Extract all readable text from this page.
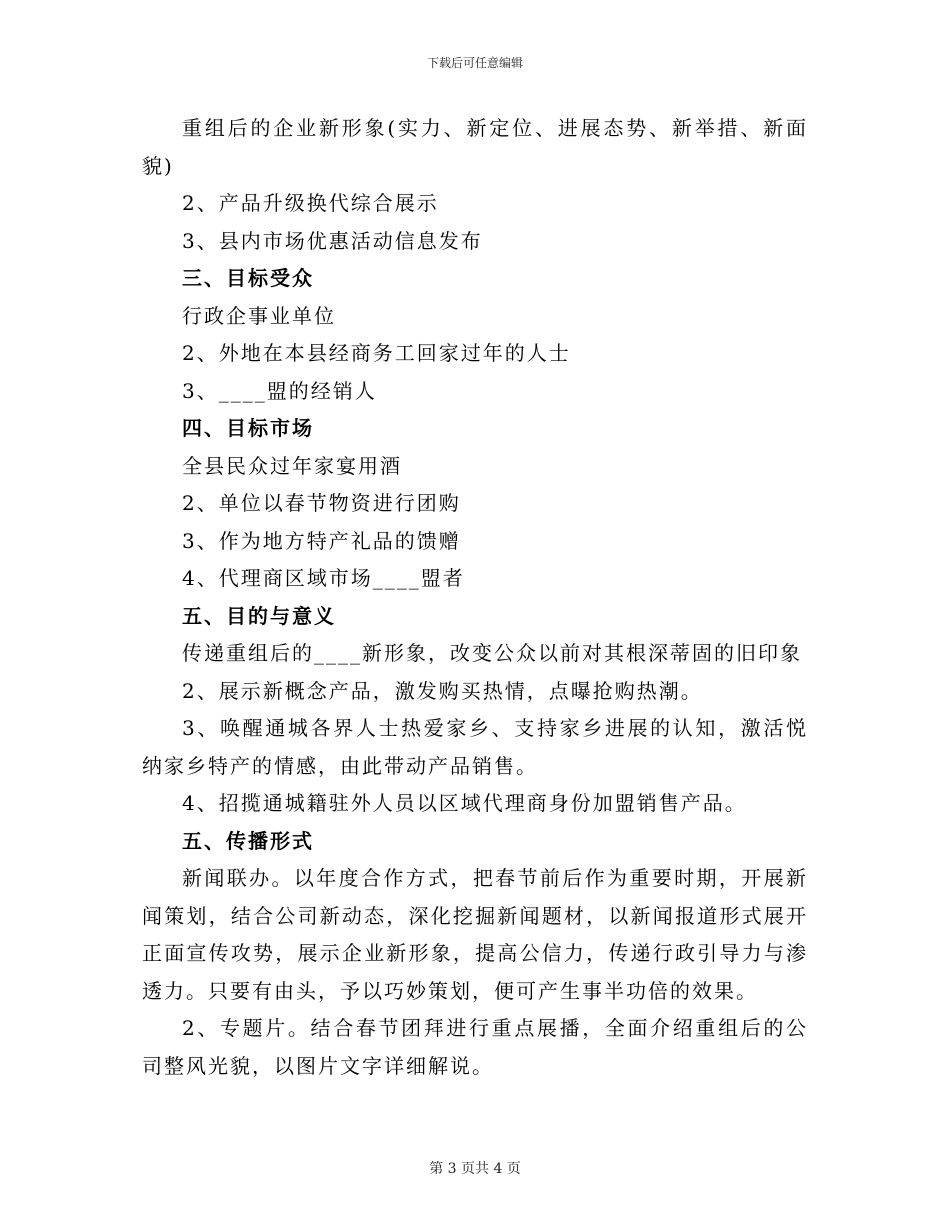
下载后可任意编辑

重组后的企业新形象(实力、新定位、进展态势、新举措、新面貌)

2、产品升级换代综合展示

3、县内市场优惠活动信息发布

三、目标受众

行政企事业单位

2、外地在本县经商务工回家过年的人士

3、____盟的经销人

四、目标市场

全县民众过年家宴用酒

2、单位以春节物资进行团购

3、作为地方特产礼品的馈赠

4、代理商区域市场____盟者

五、目的与意义

传递重组后的____新形象，改变公众以前对其根深蒂固的旧印象

2、展示新概念产品，激发购买热情，点曝抢购热潮。

3、唤醒通城各界人士热爱家乡、支持家乡进展的认知，激活悦纳家乡特产的情感，由此带动产品销售。

4、招揽通城籍驻外人员以区域代理商身份加盟销售产品。

五、传播形式

新闻联办。以年度合作方式，把春节前后作为重要时期，开展新闻策划，结合公司新动态，深化挖掘新闻题材，以新闻报道形式展开正面宣传攻势，展示企业新形象，提高公信力，传递行政引导力与渗透力。只要有由头，予以巧妙策划，便可产生事半功倍的效果。

2、专题片。结合春节团拜进行重点展播，全面介绍重组后的公司整风光貌，以图片文字详细解说。

第 3 页共 4 页
